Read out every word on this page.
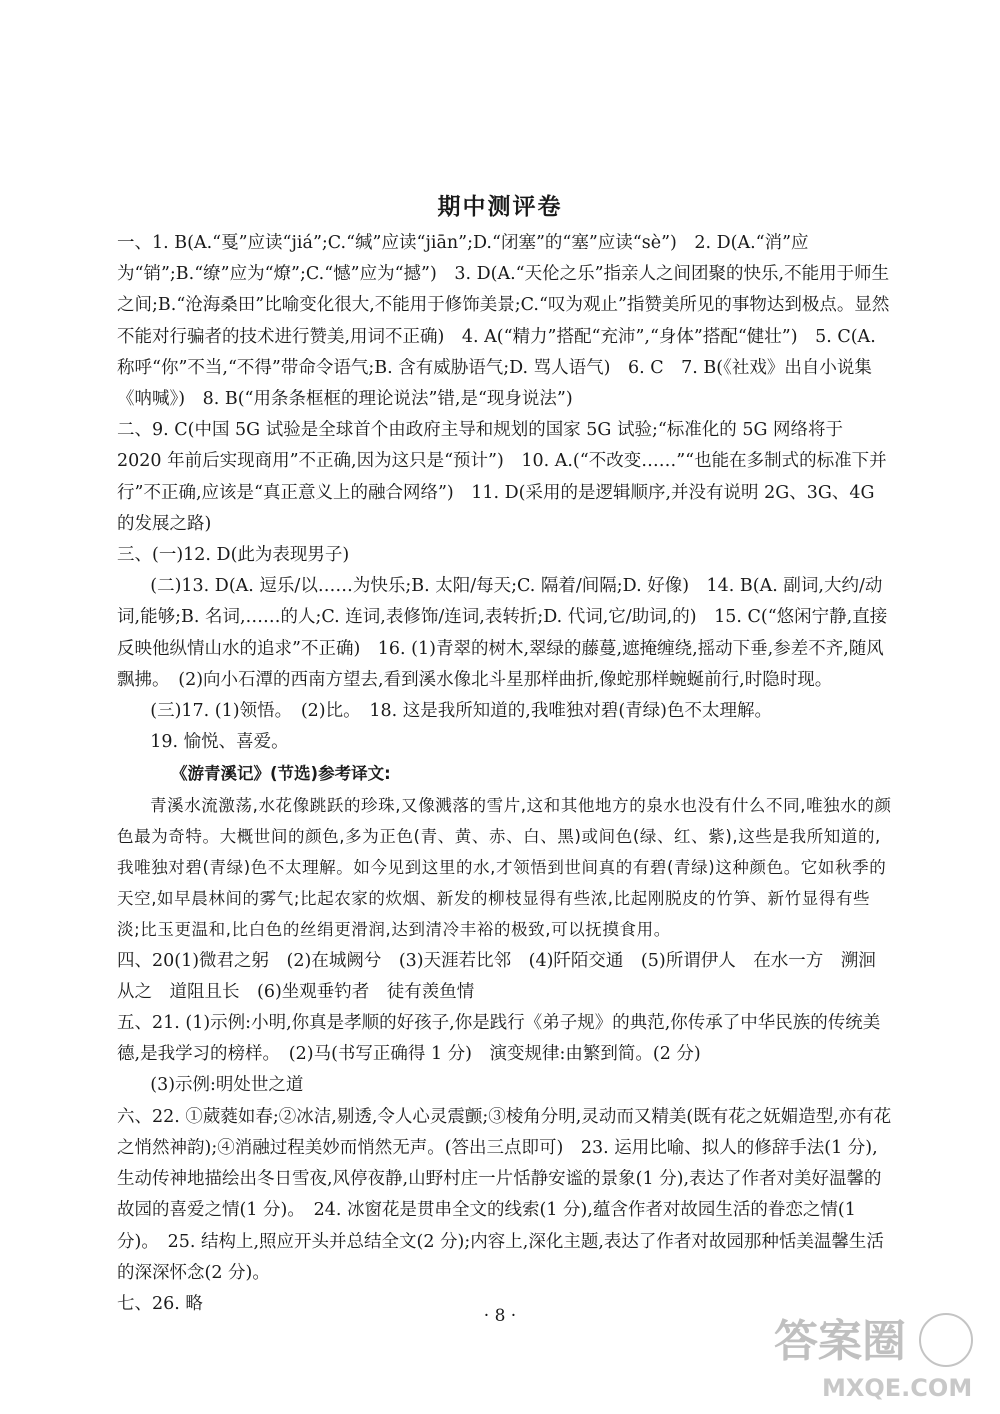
期中测评卷

一、1. B(A.“戛”应读“jiá”;C.“缄”应读“jiān”;D.“闭塞”的“塞”应读“sè”)　2. D(A.“消”应为“销”;B.“缭”应为“燎”;C.“憾”应为“撼”)　3. D(A.“天伦之乐”指亲人之间团聚的快乐,不能用于师生之间;B.“沧海桑田”比喻变化很大,不能用于修饰美景;C.“叹为观止”指赞美所见的事物达到极点。显然不能对行骗者的技术进行赞美,用词不正确)　4. A(“精力”搭配“充沛”,“身体”搭配“健壮”)　5. C(A. 称呼“你”不当,“不得”带命令语气;B. 含有威胁语气;D. 骂人语气)　6. C　7. B(《社戏》出自小说集《呐喊》)　8. B(“用条条框框的理论说法”错,是“现身说法”)

二、9. C(中国 5G 试验是全球首个由政府主导和规划的国家 5G 试验;“标准化的 5G 网络将于 2020 年前后实现商用”不正确,因为这只是“预计”)　10. A.(“不改变……”“也能在多制式的标准下并行”不正确,应该是“真正意义上的融合网络”)　11. D(采用的是逻辑顺序,并没有说明 2G、3G、4G 的发展之路)

三、(一)12. D(此为表现男子)

(二)13. D(A. 逗乐/以……为快乐;B. 太阳/每天;C. 隔着/间隔;D. 好像)　14. B(A. 副词,大约/动词,能够;B. 名词,……的人;C. 连词,表修饰/连词,表转折;D. 代词,它/助词,的)　15. C(“悠闲宁静,直接反映他纵情山水的追求”不正确)　16. (1)青翠的树木,翠绿的藤蔓,遮掩缠绕,摇动下垂,参差不齐,随风飘拂。　(2)向小石潭的西南方望去,看到溪水像北斗星那样曲折,像蛇那样蜿蜒前行,时隐时现。

(三)17. (1)领悟。　(2)比。　18. 这是我所知道的,我唯独对碧(青绿)色不太理解。

19. 愉悦、喜爱。

《游青溪记》(节选)参考译文:

青溪水流激荡,水花像跳跃的珍珠,又像溅落的雪片,这和其他地方的泉水也没有什么不同,唯独水的颜色最为奇特。大概世间的颜色,多为正色(青、黄、赤、白、黑)或间色(绿、红、紫),这些是我所知道的,我唯独对碧(青绿)色不太理解。如今见到这里的水,才领悟到世间真的有碧(青绿)这种颜色。它如秋季的天空,如早晨林间的雾气;比起农家的炊烟、新发的柳枝显得有些浓,比起刚脱皮的竹笋、新竹显得有些淡;比玉更温和,比白色的丝绢更滑润,达到清冷丰裕的极致,可以抚摸食用。

四、20(1)微君之躬　(2)在城阙兮　(3)天涯若比邻　(4)阡陌交通　(5)所谓伊人　在水一方　溯洄从之　道阻且长　(6)坐观垂钓者　徒有羡鱼情

五、21. (1)示例:小明,你真是孝顺的好孩子,你是践行《弟子规》的典范,你传承了中华民族的传统美德,是我学习的榜样。　(2)马(书写正确得 1 分)　演变规律:由繁到简。(2 分)

(3)示例:明处世之道

六、22. ①葳蕤如春;②冰洁,剔透,令人心灵震颤;③棱角分明,灵动而又精美(既有花之妩媚造型,亦有花之悄然神韵);④消融过程美妙而悄然无声。(答出三点即可)　23. 运用比喻、拟人的修辞手法(1 分),生动传神地描绘出冬日雪夜,风停夜静,山野村庄一片恬静安谧的景象(1 分),表达了作者对美好温馨的故园的喜爱之情(1 分)。　24. 冰窗花是贯串全文的线索(1 分),蕴含作者对故园生活的眷恋之情(1 分)。　25. 结构上,照应开头并总结全文(2 分);内容上,深化主题,表达了作者对故园那种恬美温馨生活的深深怀念(2 分)。

七、26. 略

· 8 ·	答案圈
MXQE.COM
